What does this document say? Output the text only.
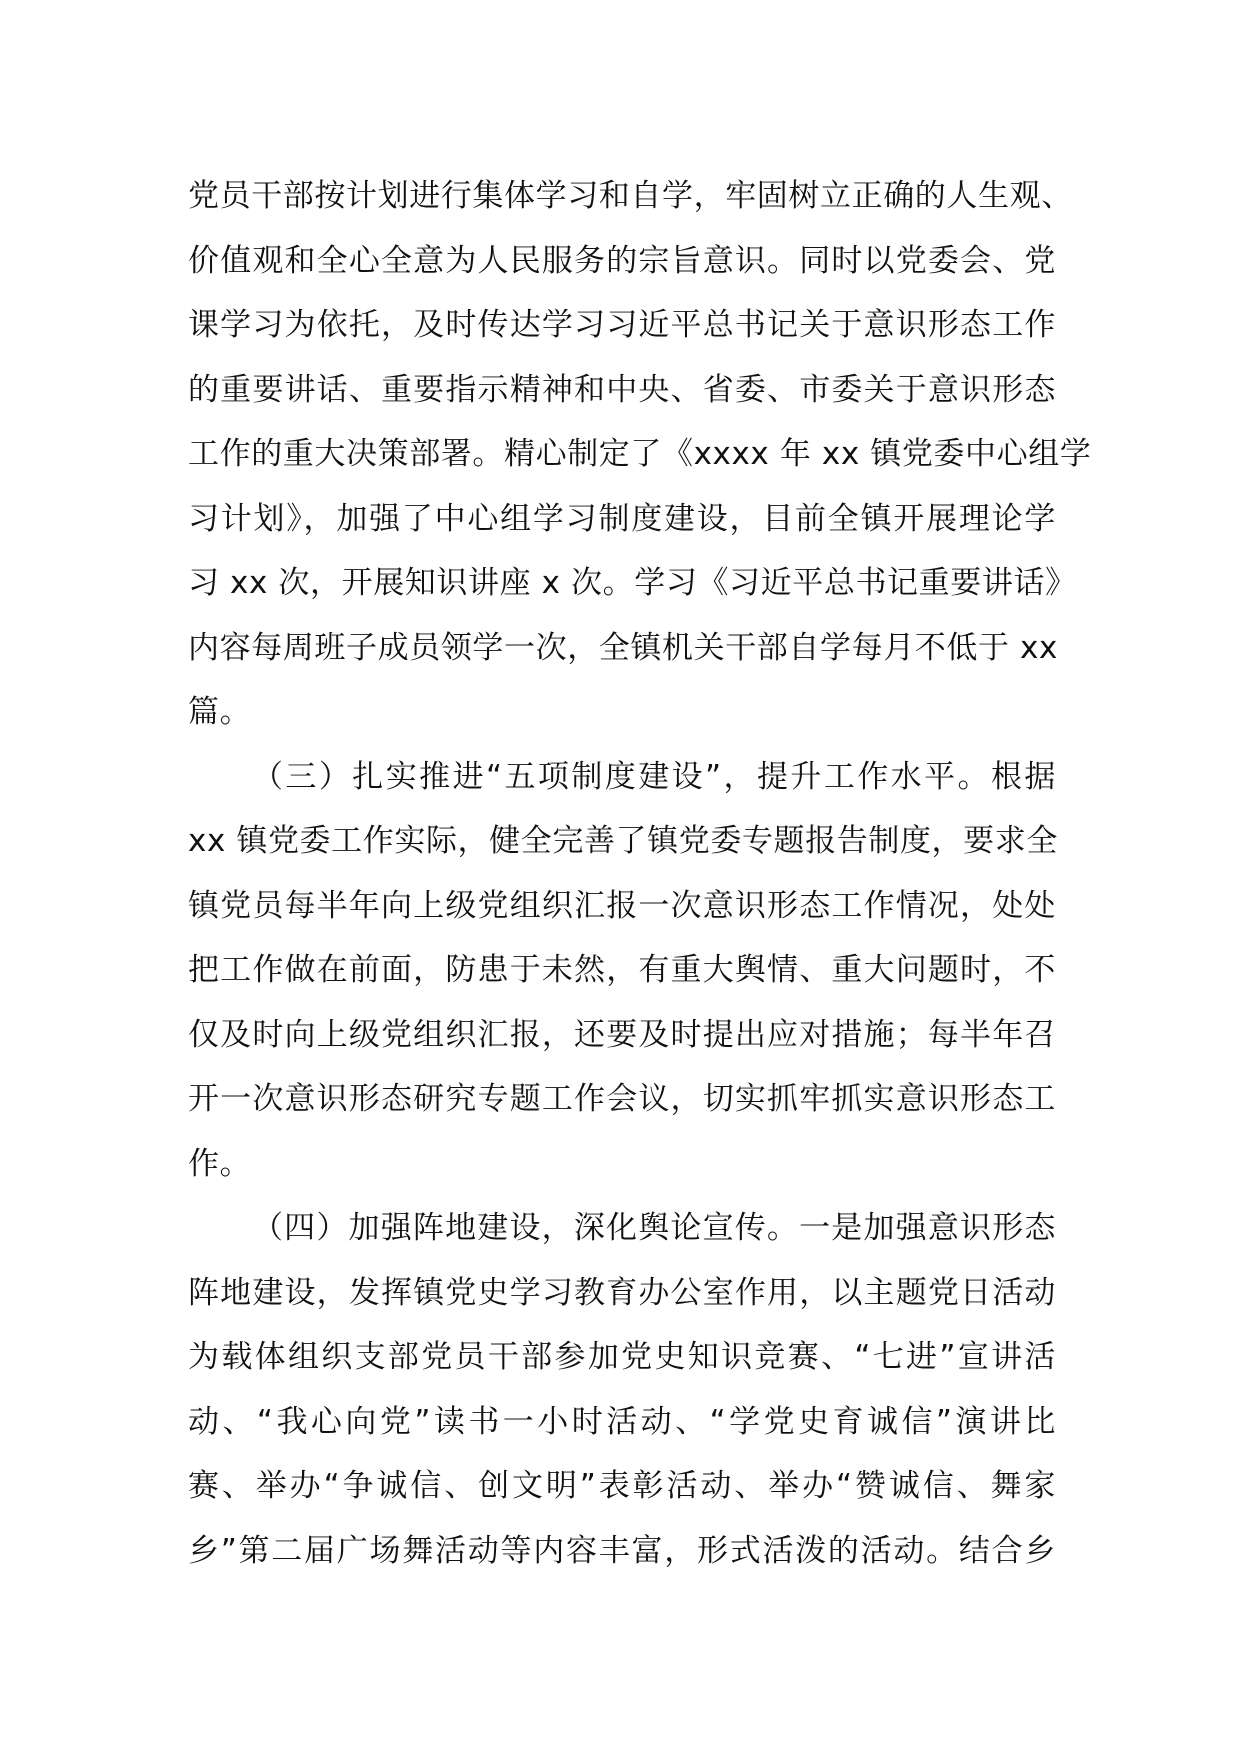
党员干部按计划进行集体学习和自学，牢固树立正确的人生观、
价值观和全心全意为人民服务的宗旨意识。同时以党委会、党
课学习为依托，及时传达学习习近平总书记关于意识形态工作
的重要讲话、重要指示精神和中央、省委、市委关于意识形态
工作的重大决策部署。精心制定了《xxxx 年 xx 镇党委中心组学
习计划》，加强了中心组学习制度建设，目前全镇开展理论学
习 xx 次，开展知识讲座 x 次。学习《习近平总书记重要讲话》
内容每周班子成员领学一次，全镇机关干部自学每月不低于 xx
篇。
（三）扎实推进“五项制度建设”，提升工作水平。根据
xx 镇党委工作实际，健全完善了镇党委专题报告制度，要求全
镇党员每半年向上级党组织汇报一次意识形态工作情况，处处
把工作做在前面，防患于未然，有重大舆情、重大问题时，不
仅及时向上级党组织汇报，还要及时提出应对措施；每半年召
开一次意识形态研究专题工作会议，切实抓牢抓实意识形态工
作。
（四）加强阵地建设，深化舆论宣传。一是加强意识形态
阵地建设，发挥镇党史学习教育办公室作用，以主题党日活动
为载体组织支部党员干部参加党史知识竞赛、“七进”宣讲活
动、“我心向党”读书一小时活动、“学党史育诚信”演讲比
赛、举办“争诚信、创文明”表彰活动、举办“赞诚信、舞家
乡”第二届广场舞活动等内容丰富，形式活泼的活动。结合乡
